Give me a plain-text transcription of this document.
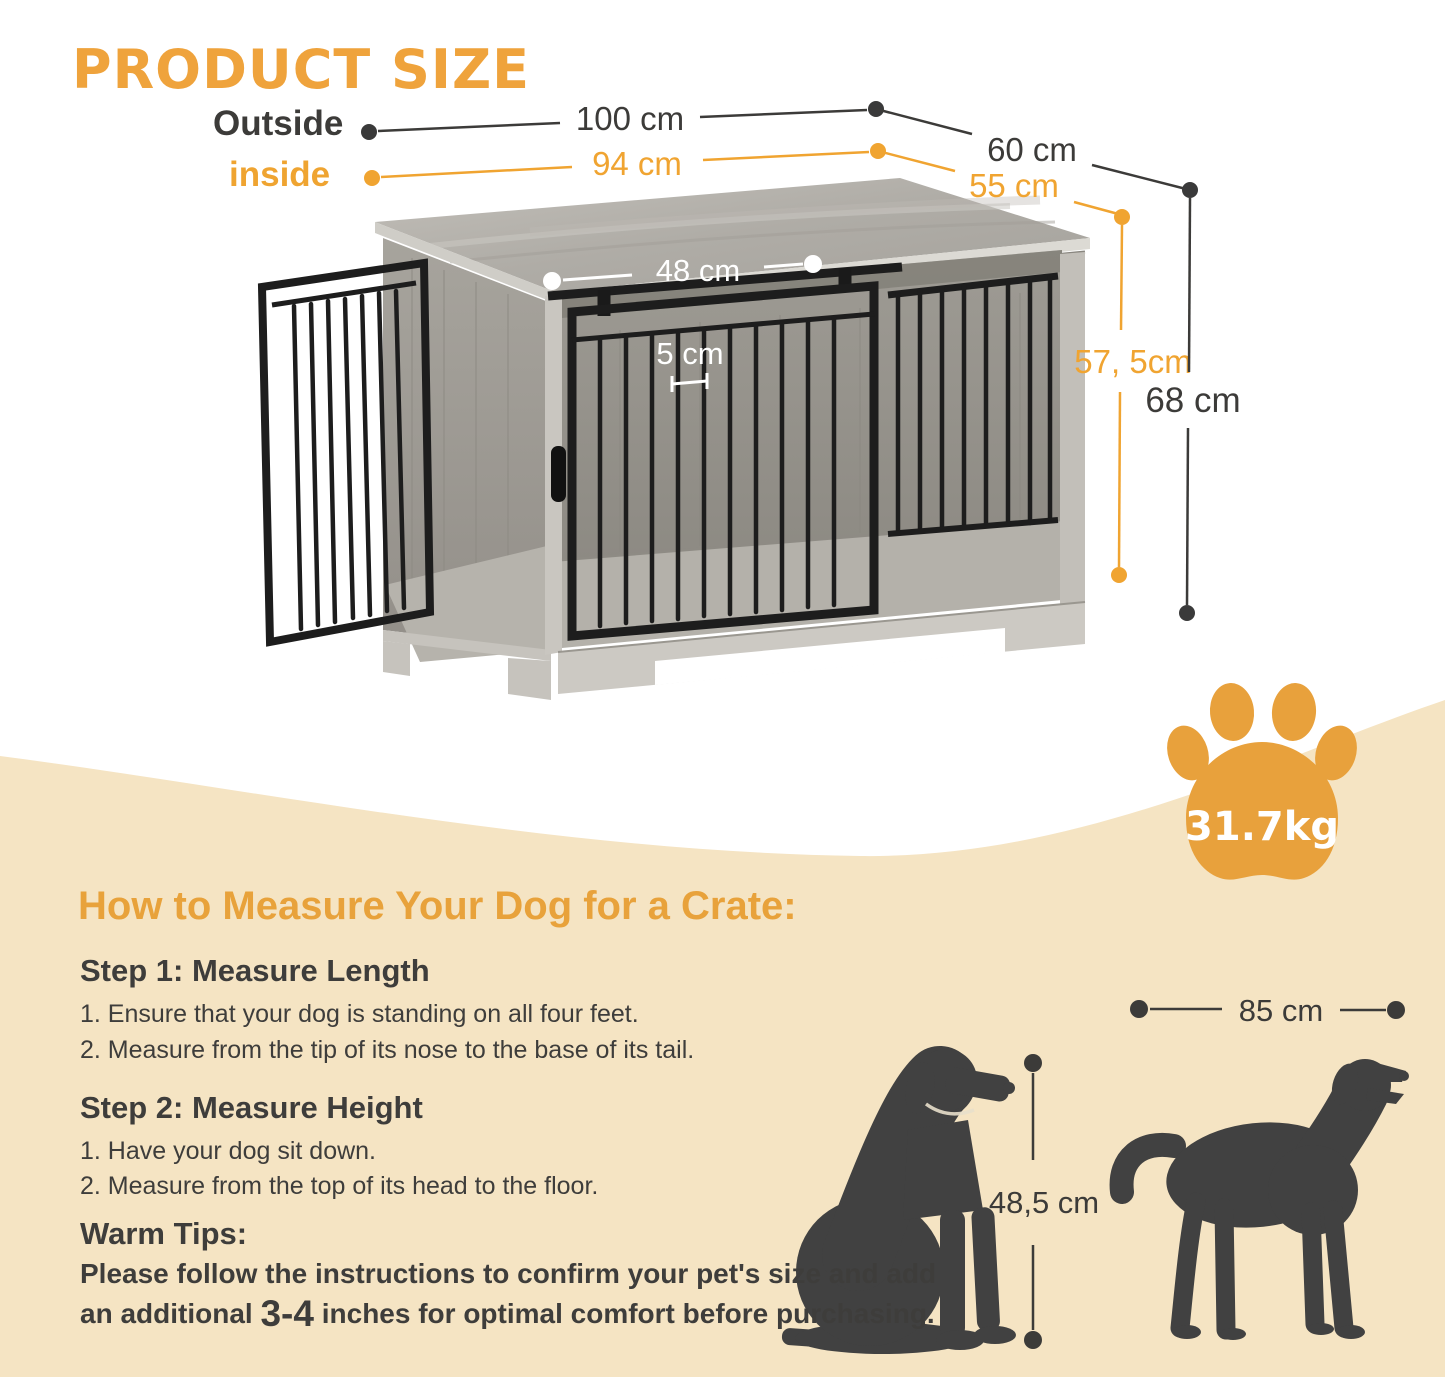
48 cm
5 cm
100 cm
94 cm	60 cm
55 cm
57, 5cm
68 cm
31.7kg
48,5 cm
85 cm
PRODUCT SIZE
Outside
inside
How to Measure Your Dog for a Crate:
Step 1: Measure Length
1. Ensure that your dog is standing on all four feet.
2. Measure from the tip of its nose to the base of its tail.
Step 2: Measure Height
1. Have your dog sit down.
2. Measure from the top of its head to the floor.
Warm Tips:
Please follow the instructions to confirm your pet's size and add
an additional 3-4 inches for optimal comfort before purchasing.
